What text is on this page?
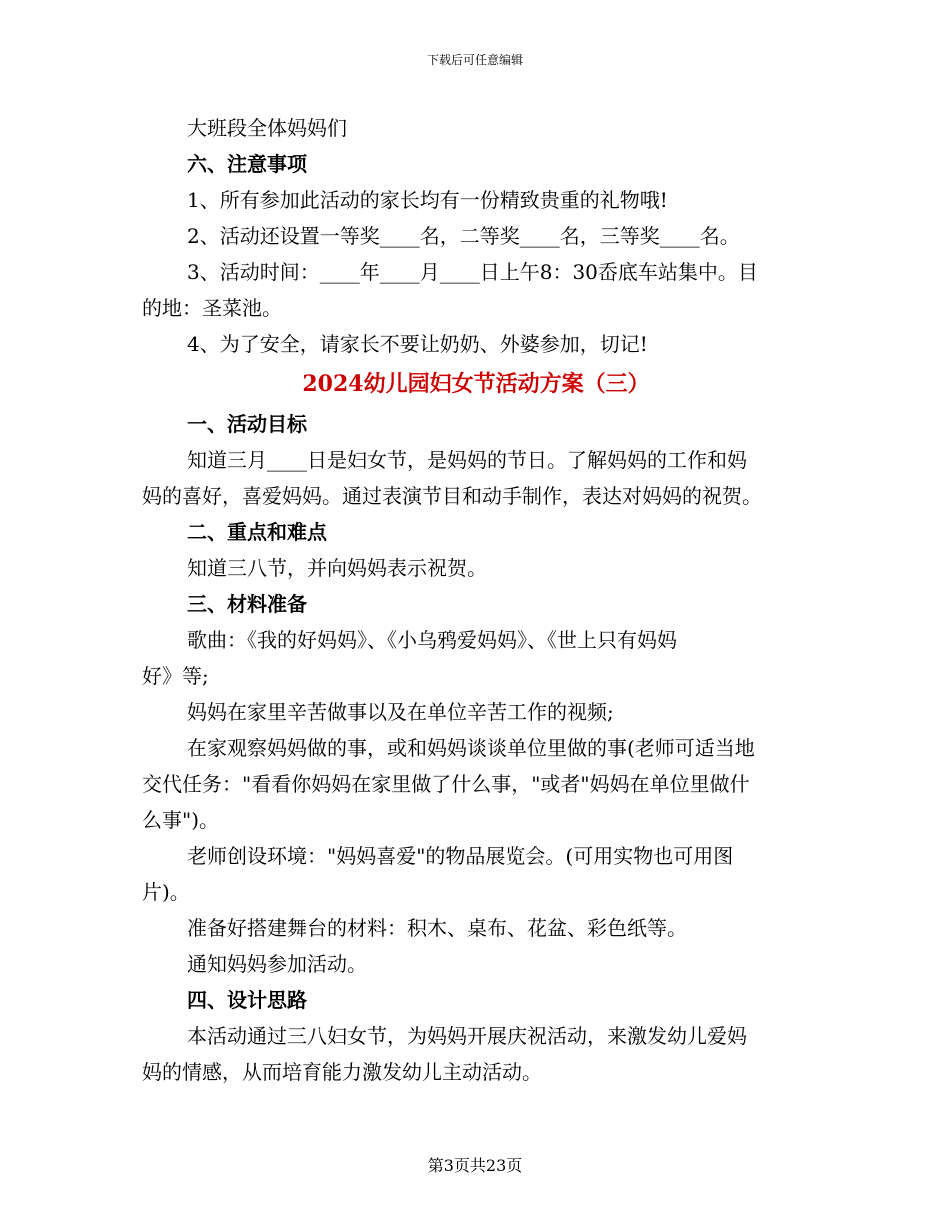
下载后可任意编辑

大班段全体妈妈们

六、注意事项

1、所有参加此活动的家长均有一份精致贵重的礼物哦!

2、活动还设置一等奖____名，二等奖____名，三等奖____名。

3、活动时间：____年____月____日上午8：30岙底车站集中。目

的地：圣菜池。

4、为了安全，请家长不要让奶奶、外婆参加，切记!

2024幼儿园妇女节活动方案（三）

一、活动目标

知道三月____日是妇女节，是妈妈的节日。了解妈妈的工作和妈

妈的喜好，喜爱妈妈。通过表演节目和动手制作，表达对妈妈的祝贺。

二、重点和难点

知道三八节，并向妈妈表示祝贺。

三、材料准备

歌曲：《我的好妈妈》、《小乌鸦爱妈妈》、《世上只有妈妈

好》等;

妈妈在家里辛苦做事以及在单位辛苦工作的视频;

在家观察妈妈做的事，或和妈妈谈谈单位里做的事(老师可适当地

交代任务："看看你妈妈在家里做了什么事，"或者"妈妈在单位里做什

么事")。

老师创设环境："妈妈喜爱"的物品展览会。(可用实物也可用图

片)。

准备好搭建舞台的材料：积木、桌布、花盆、彩色纸等。

通知妈妈参加活动。

四、设计思路

本活动通过三八妇女节，为妈妈开展庆祝活动，来激发幼儿爱妈

妈的情感，从而培育能力激发幼儿主动活动。

第3页共23页
